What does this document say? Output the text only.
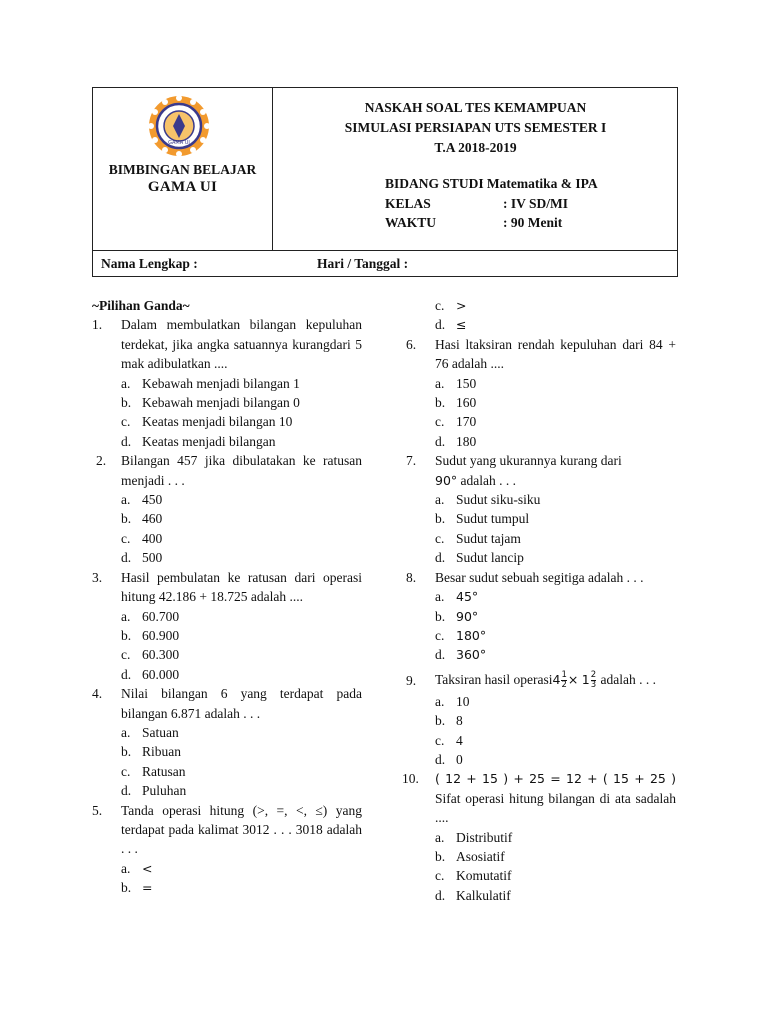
GAMA UI
BIMBINGAN BELAJAR
GAMA UI
NASKAH SOAL TES KEMAMPUAN
SIMULASI PERSIAPAN UTS SEMESTER I
T.A 2018-2019
BIDANG STUDI: Matematika & IPA
KELAS	: IV SD/MI
WAKTU	: 90 Menit
Nama Lengkap :	Hari / Tanggal :
~Pilihan Ganda~
1. Dalam membulatkan bilangan kepuluhan terdekat, jika angka satuannya kurangdari 5 mak adibulatkan ....
a. Kebawah menjadi bilangan 1
b. Kebawah menjadi bilangan 0
c. Keatas menjadi bilangan 10
d. Keatas menjadi bilangan
2. Bilangan 457 jika dibulatakan ke ratusan menjadi . . .
a. 450
b. 460
c. 400
d. 500
3. Hasil pembulatan ke ratusan dari operasi hitung 42.186 + 18.725 adalah ....
a. 60.700
b. 60.900
c. 60.300
d. 60.000
4. Nilai bilangan 6 yang terdapat pada bilangan 6.871 adalah . . .
a. Satuan
b. Ribuan
c. Ratusan
d. Puluhan
5. Tanda operasi hitung (>, =, <, ≤) yang terdapat pada kalimat 3012 . . . 3018 adalah . . .
a. <
b. =
c. >
d. ≤
6. Hasi ltaksiran rendah kepuluhan dari 84 + 76 adalah ....
a. 150
b. 160
c. 170
d. 180
7. Sudut yang ukurannya kurang dari
90° adalah . . .
a. Sudut siku-siku
b. Sudut tumpul
c. Sudut tajam
d. Sudut lancip
8. Besar sudut sebuah segitiga adalah . . .
a. 45°
b. 90°
c. 180°
d. 360°
9. Taksiran hasil operasi4 $\frac{1}{2} \times 1 \frac{2}{3}$ adalah . . .
a. 10
b. 8
c. 4
d. 0
10. ( 12 + 15 ) + 25 = 12 + ( 15 + 25 )
Sifat operasi hitung bilangan di ata sadalah ....
a. Distributif
b. Asosiatif
c. Komutatif
d. Kalkulatif
